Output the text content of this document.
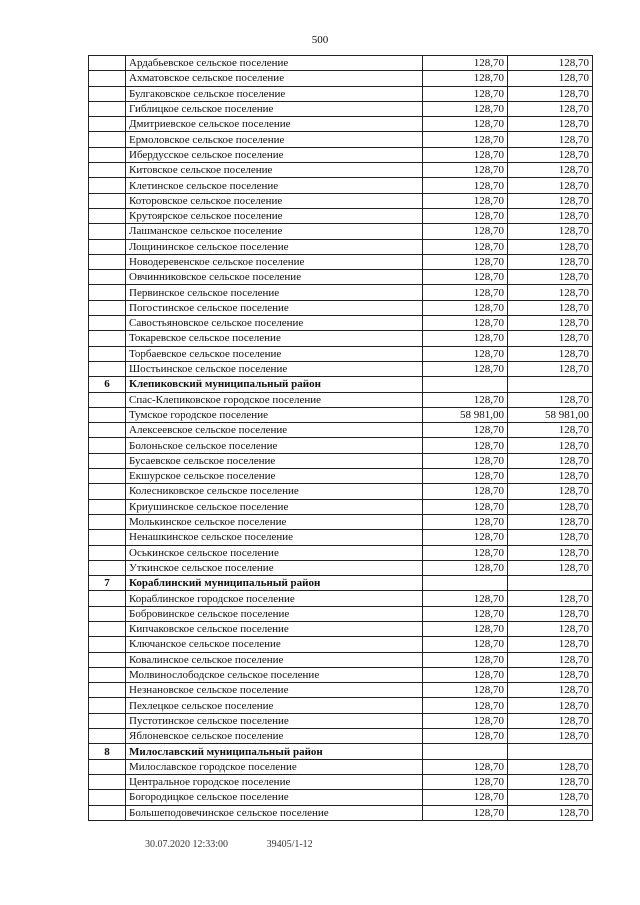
500
	Ардабьевское сельское поселение	128,70	128,70
	Ахматовское сельское поселение	128,70	128,70
	Булгаковское сельское поселение	128,70	128,70
	Гиблицкое сельское поселение	128,70	128,70
	Дмитриевское сельское поселение	128,70	128,70
	Ермоловское сельское поселение	128,70	128,70
	Ибердусское сельское поселение	128,70	128,70
	Китовское сельское поселение	128,70	128,70
	Клетинское сельское поселение	128,70	128,70
	Которовское сельское поселение	128,70	128,70
	Крутоярское сельское поселение	128,70	128,70
	Лашманское сельское поселение	128,70	128,70
	Лощининское сельское поселение	128,70	128,70
	Новодеревенское сельское поселение	128,70	128,70
	Овчинниковское сельское поселение	128,70	128,70
	Первинское сельское поселение	128,70	128,70
	Погостинское сельское поселение	128,70	128,70
	Савостьяновское сельское поселение	128,70	128,70
	Токаревское сельское поселение	128,70	128,70
	Торбаевское сельское поселение	128,70	128,70
	Шостьинское сельское поселение	128,70	128,70
6	Клепиковский муниципальный район		
	Спас-Клепиковское городское поселение	128,70	128,70
	Тумское городское поселение	58 981,00	58 981,00
	Алексеевское сельское поселение	128,70	128,70
	Болоньское сельское поселение	128,70	128,70
	Бусаевское сельское поселение	128,70	128,70
	Екшурское сельское поселение	128,70	128,70
	Колесниковское сельское поселение	128,70	128,70
	Криушинское сельское поселение	128,70	128,70
	Молькинское сельское поселение	128,70	128,70
	Ненашкинское сельское поселение	128,70	128,70
	Оськинское сельское поселение	128,70	128,70
	Уткинское сельское поселение	128,70	128,70
7	Кораблинский муниципальный район		
	Кораблинское городское поселение	128,70	128,70
	Бобровинское сельское поселение	128,70	128,70
	Кипчаковское сельское поселение	128,70	128,70
	Ключанское сельское поселение	128,70	128,70
	Ковалинское сельское поселение	128,70	128,70
	Молвинослободское сельское поселение	128,70	128,70
	Незнановское сельское поселение	128,70	128,70
	Пехлецкое сельское поселение	128,70	128,70
	Пустотинское сельское поселение	128,70	128,70
	Яблоневское сельское поселение	128,70	128,70
8	Милославский муниципальный район		
	Милославское городское поселение	128,70	128,70
	Центральное городское поселение	128,70	128,70
	Богородицкое сельское поселение	128,70	128,70
	Большеподовечинское сельское поселение	128,70	128,70
30.07.2020 12:33:00	39405/1-12
